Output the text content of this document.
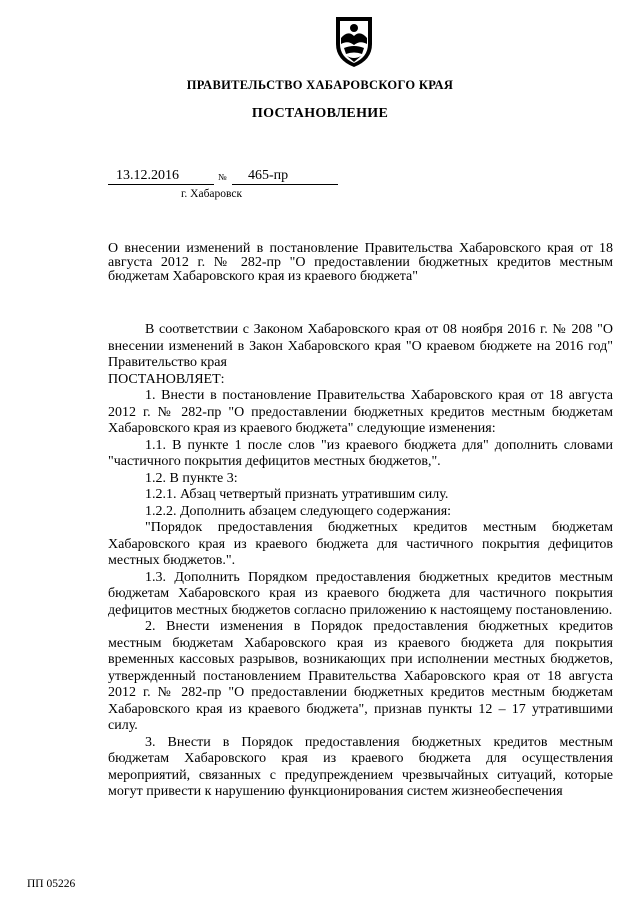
ПРАВИТЕЛЬСТВО ХАБАРОВСКОГО КРАЯ
ПОСТАНОВЛЕНИЕ
13.12.2016	№ 465-пр
г. Хабаровск
О внесении изменений в постановление Правительства Хабаровского края от 18 августа 2012 г. № 282-пр "О предоставлении бюджетных кредитов местным бюджетам Хабаровского края из краевого бюджета"

В соответствии с Законом Хабаровского края от 08 ноября 2016 г. № 208 "О внесении изменений в Закон Хабаровского края "О краевом бюджете на 2016 год" Правительство края

ПОСТАНОВЛЯЕТ:

1. Внести в постановление Правительства Хабаровского края от 18 августа 2012 г. № 282-пр "О предоставлении бюджетных кредитов местным бюджетам Хабаровского края из краевого бюджета" следующие изменения:

1.1. В пункте 1 после слов "из краевого бюджета для" дополнить словами "частичного покрытия дефицитов местных бюджетов,".

1.2. В пункте 3:

1.2.1. Абзац четвертый признать утратившим силу.

1.2.2. Дополнить абзацем следующего содержания:

"Порядок предоставления бюджетных кредитов местным бюджетам Хабаровского края из краевого бюджета для частичного покрытия дефицитов местных бюджетов.".

1.3. Дополнить Порядком предоставления бюджетных кредитов местным бюджетам Хабаровского края из краевого бюджета для частичного покрытия дефицитов местных бюджетов согласно приложению к настоящему постановлению.

2. Внести изменения в Порядок предоставления бюджетных кредитов местным бюджетам Хабаровского края из краевого бюджета для покрытия временных кассовых разрывов, возникающих при исполнении местных бюджетов, утвержденный постановлением Правительства Хабаровского края от 18 августа 2012 г. № 282-пр "О предоставлении бюджетных кредитов местным бюджетам Хабаровского края из краевого бюджета", признав пункты 12 – 17 утратившими силу.

3. Внести в Порядок предоставления бюджетных кредитов местным бюджетам Хабаровского края из краевого бюджета для осуществления мероприятий, связанных с предупреждением чрезвычайных ситуаций, которые могут привести к нарушению функционирования систем жизнеобеспечения

ПП 05226
